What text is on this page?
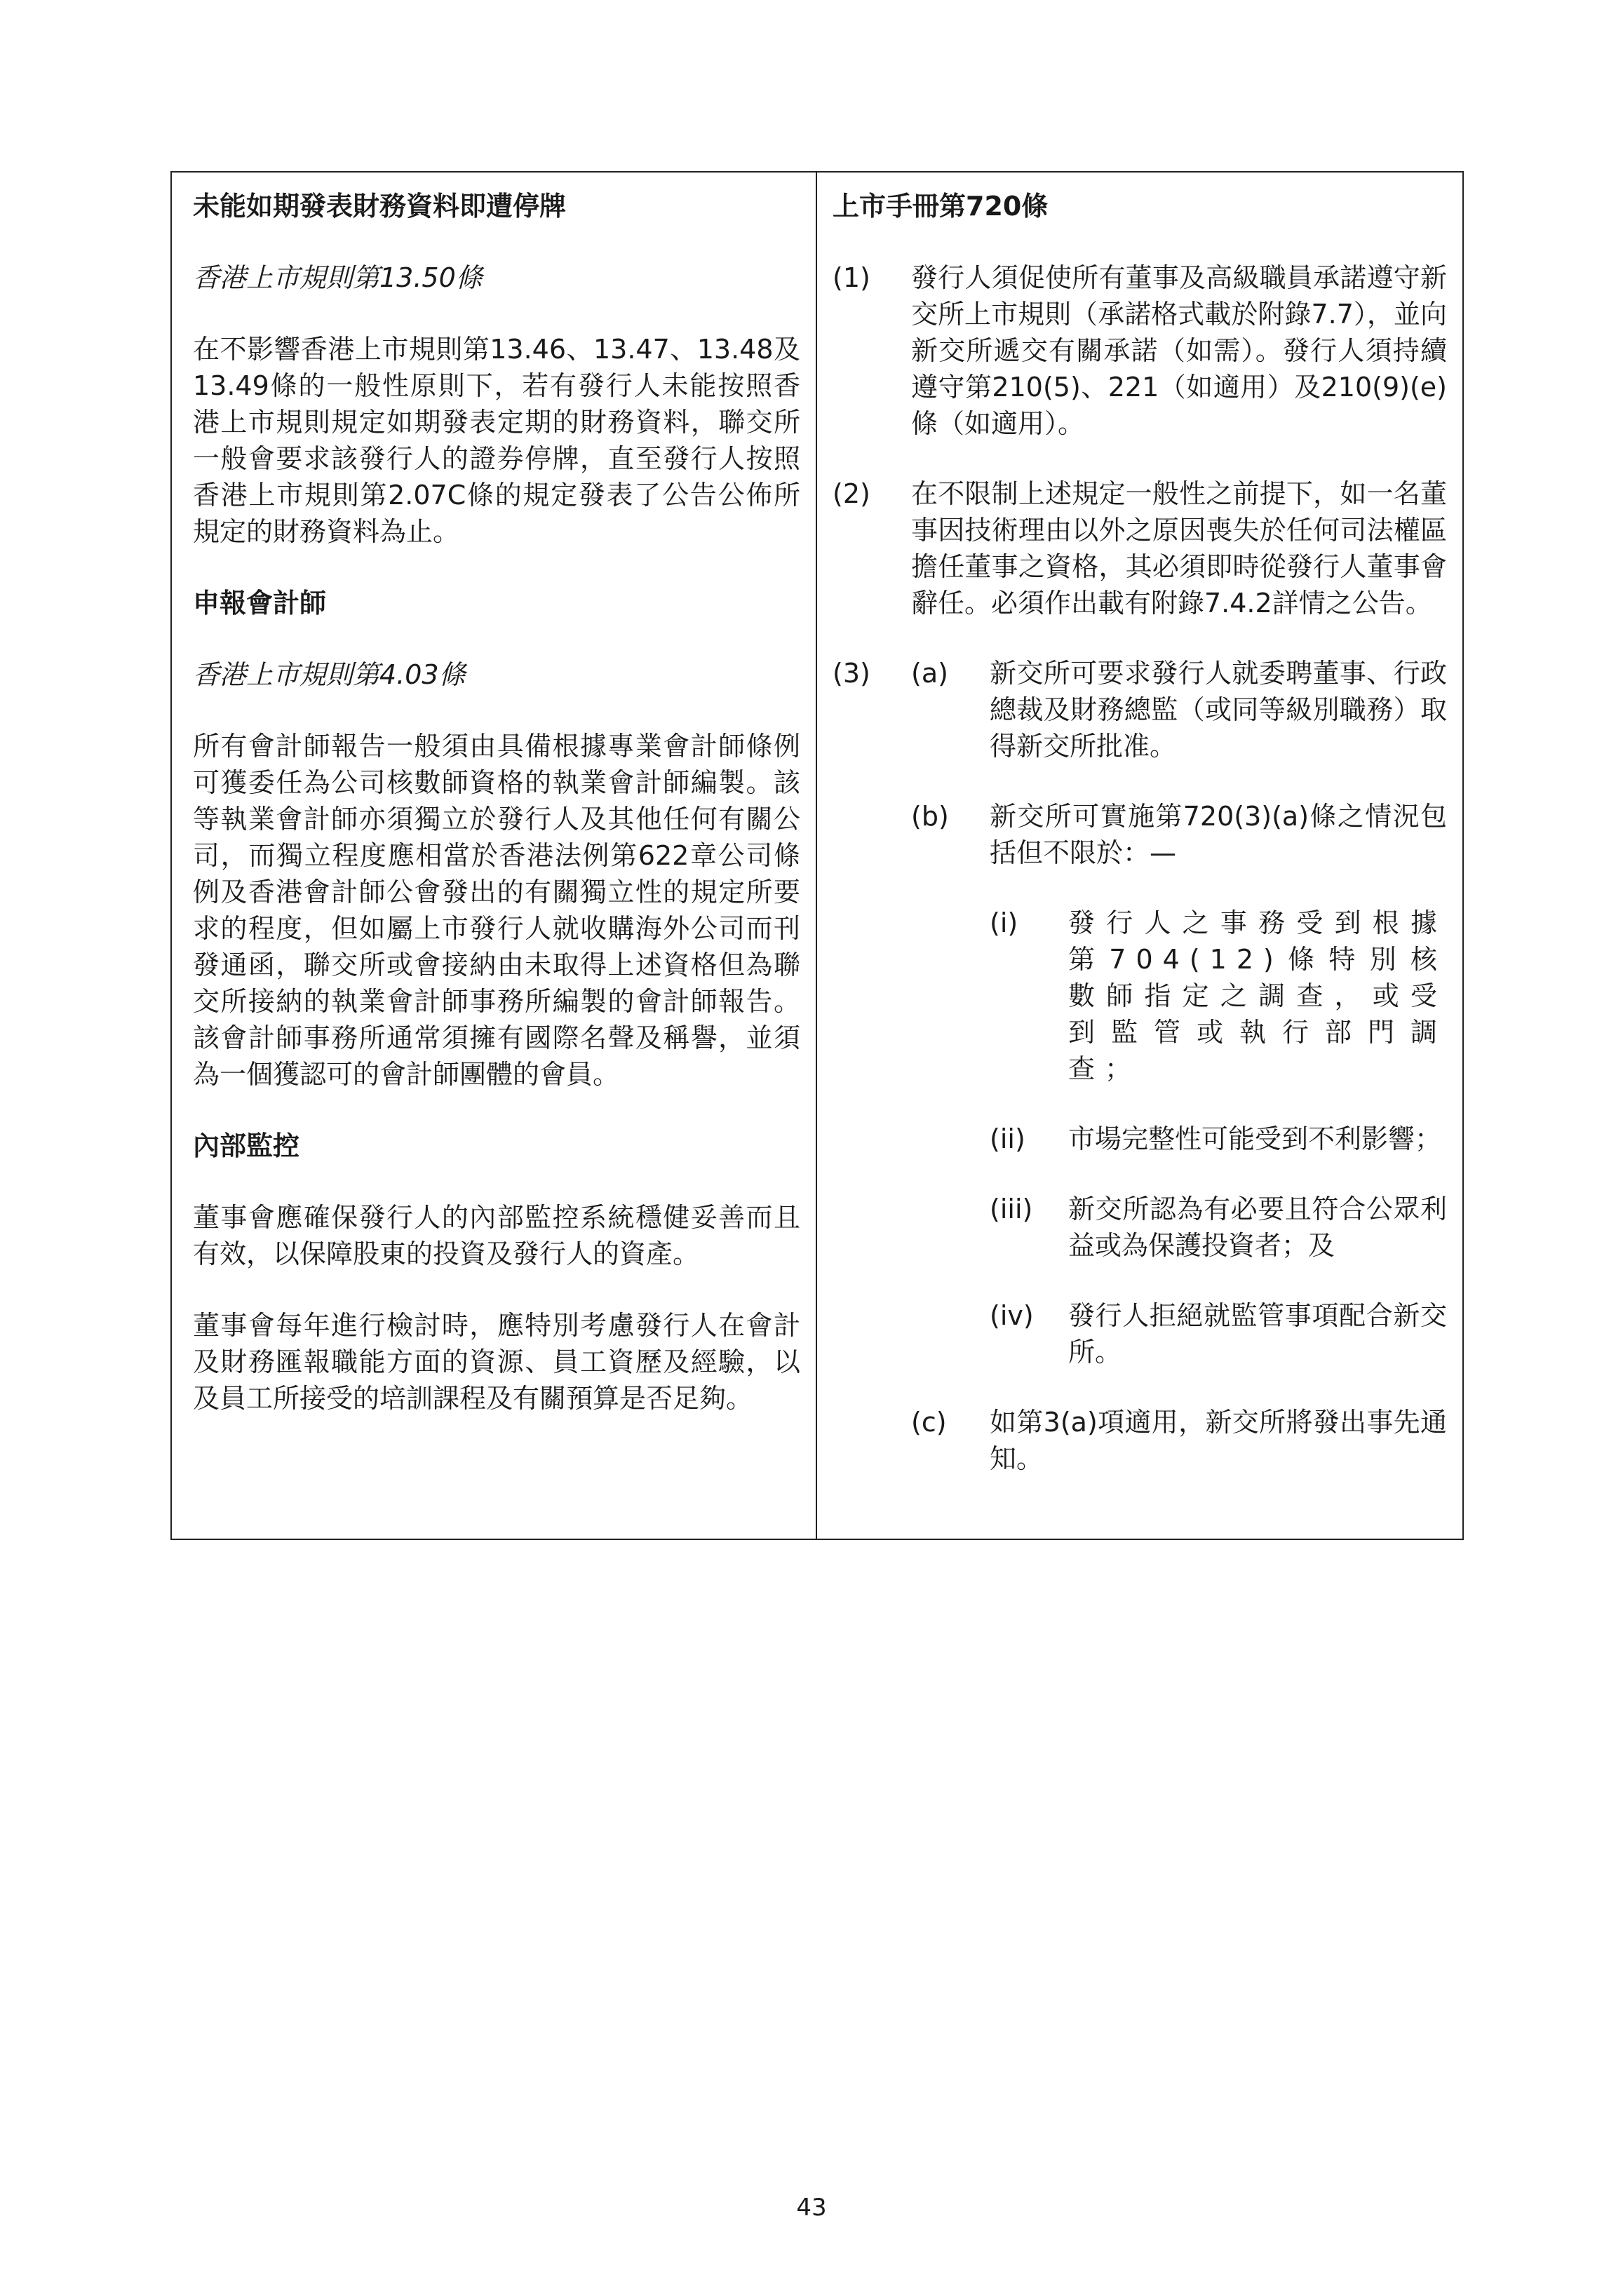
未能如期發表財務資料即遭停牌
香港上市規則第13.50條
在不影響香港上市規則第13.46、13.47、13.48及13.49條的一般性原則下，若有發行人未能按照香港上市規則規定如期發表定期的財務資料，聯交所一般會要求該發行人的證券停牌，直至發行人按照香港上市規則第2.07C條的規定發表了公告公佈所規定的財務資料為止。
申報會計師
香港上市規則第4.03條
所有會計師報告一般須由具備根據專業會計師條例可獲委任為公司核數師資格的執業會計師編製。該等執業會計師亦須獨立於發行人及其他任何有關公司，而獨立程度應相當於香港法例第622章公司條例及香港會計師公會發出的有關獨立性的規定所要求的程度，但如屬上市發行人就收購海外公司而刊發通函，聯交所或會接納由未取得上述資格但為聯交所接納的執業會計師事務所編製的會計師報告。該會計師事務所通常須擁有國際名聲及稱譽，並須為一個獲認可的會計師團體的會員。
內部監控
董事會應確保發行人的內部監控系統穩健妥善而且有效，以保障股東的投資及發行人的資產。
董事會每年進行檢討時，應特別考慮發行人在會計及財務匯報職能方面的資源、員工資歷及經驗，以及員工所接受的培訓課程及有關預算是否足夠。
上市手冊第720條
(1)	發行人須促使所有董事及高級職員承諾遵守新交所上市規則（承諾格式載於附錄7.7），並向新交所遞交有關承諾（如需）。發行人須持續遵守第210(5)、221（如適用）及210(9)(e)條（如適用）。
(2)	在不限制上述規定一般性之前提下，如一名董事因技術理由以外之原因喪失於任何司法權區擔任董事之資格，其必須即時從發行人董事會辭任。必須作出載有附錄7.4.2詳情之公告。
(3)	(a)	新交所可要求發行人就委聘董事、行政總裁及財務總監（或同等級別職務）取得新交所批准。
(b)	新交所可實施第720(3)(a)條之情況包括但不限於：—
(i)	發行人之事務受到根據第704(12)條特別核數師指定之調查，或受到監管或執行部門調查；
(ii)	市場完整性可能受到不利影響；
(iii)	新交所認為有必要且符合公眾利益或為保護投資者；及
(iv)	發行人拒絕就監管事項配合新交所。
(c)	如第3(a)項適用，新交所將發出事先通知。
43
